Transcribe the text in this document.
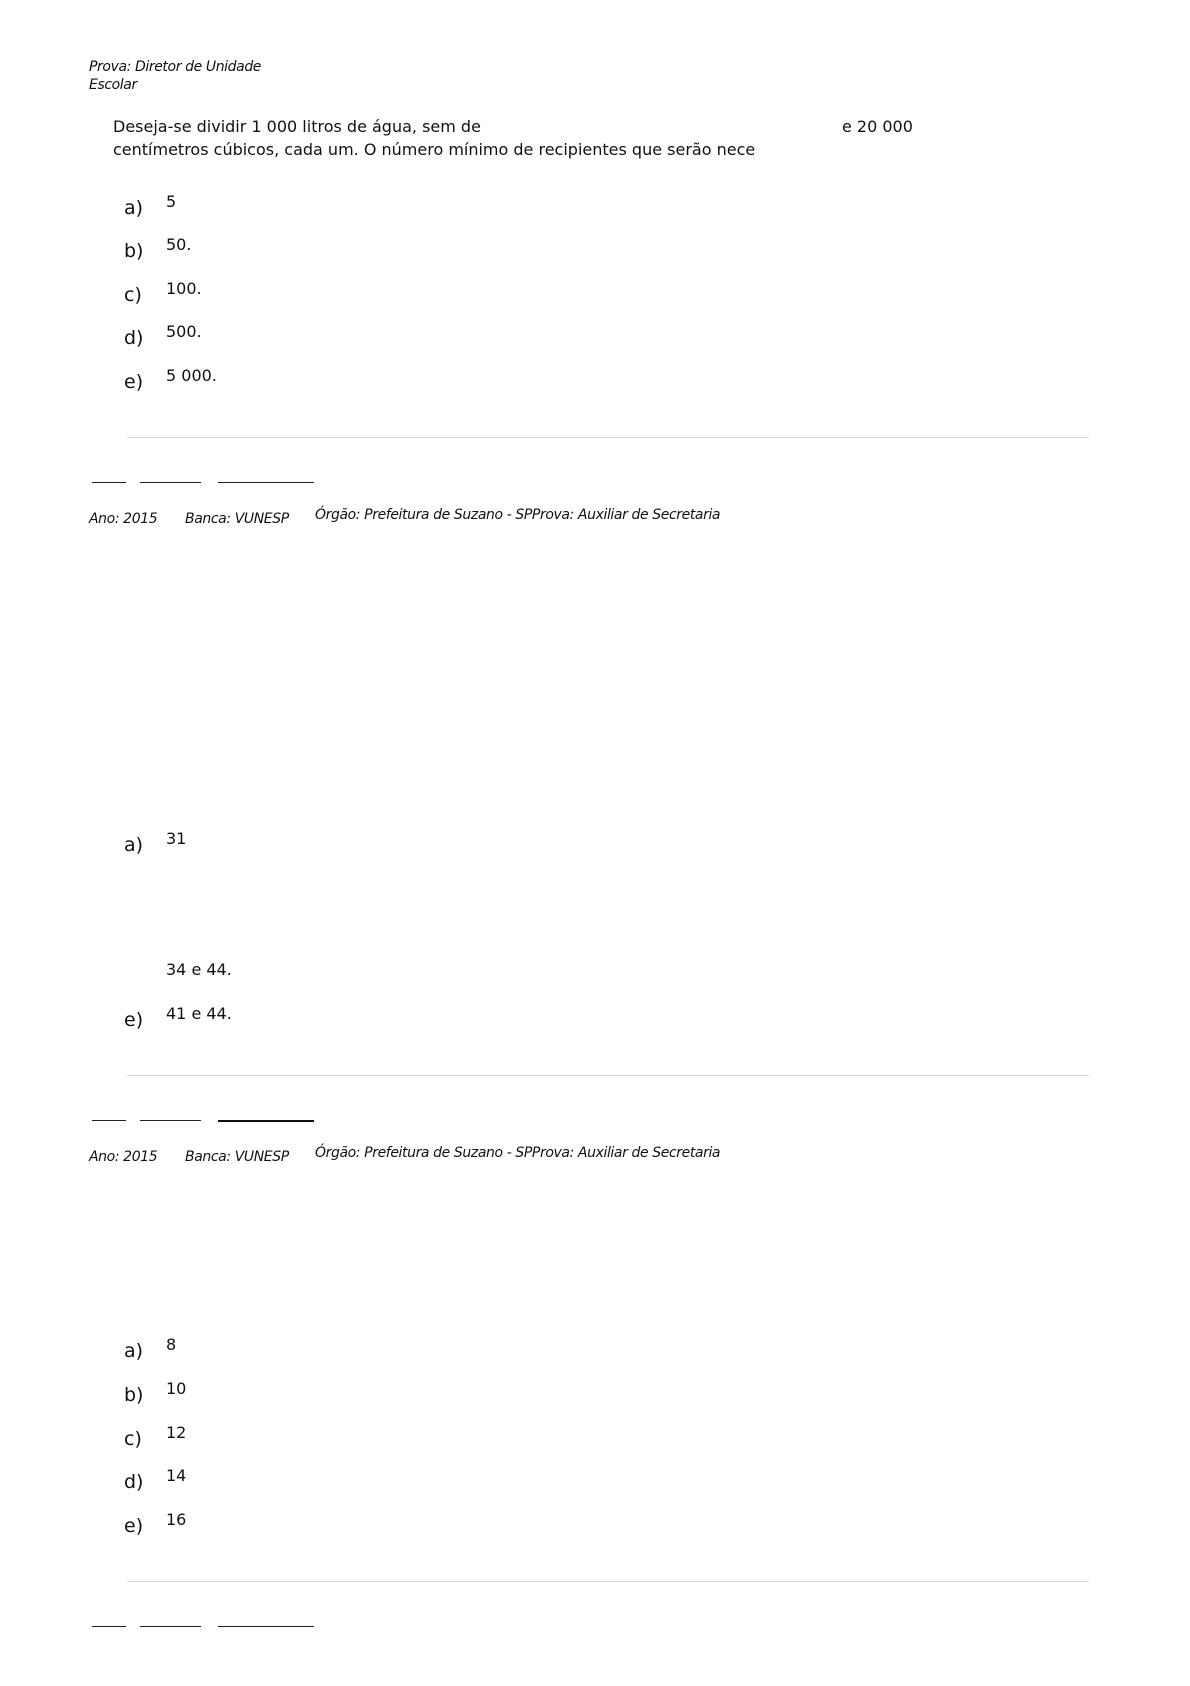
Prova: Diretor de Unidade
Escolar
Deseja-se dividir 1 000 litros de água, sem de	e 20 000
centímetros cúbicos, cada um. O número mínimo de recipientes que serão nece
a) 5
b) 50.
c) 100.
d) 500.
e) 5 000.
Ano: 2015 Banca: VUNESP Órgão: Prefeitura de Suzano - SPProva: Auxiliar de Secretaria
a) 31
34 e 44.
e) 41 e 44.
Ano: 2015 Banca: VUNESP Órgão: Prefeitura de Suzano - SPProva: Auxiliar de Secretaria
a) 8
b) 10
c) 12
d) 14
e) 16
